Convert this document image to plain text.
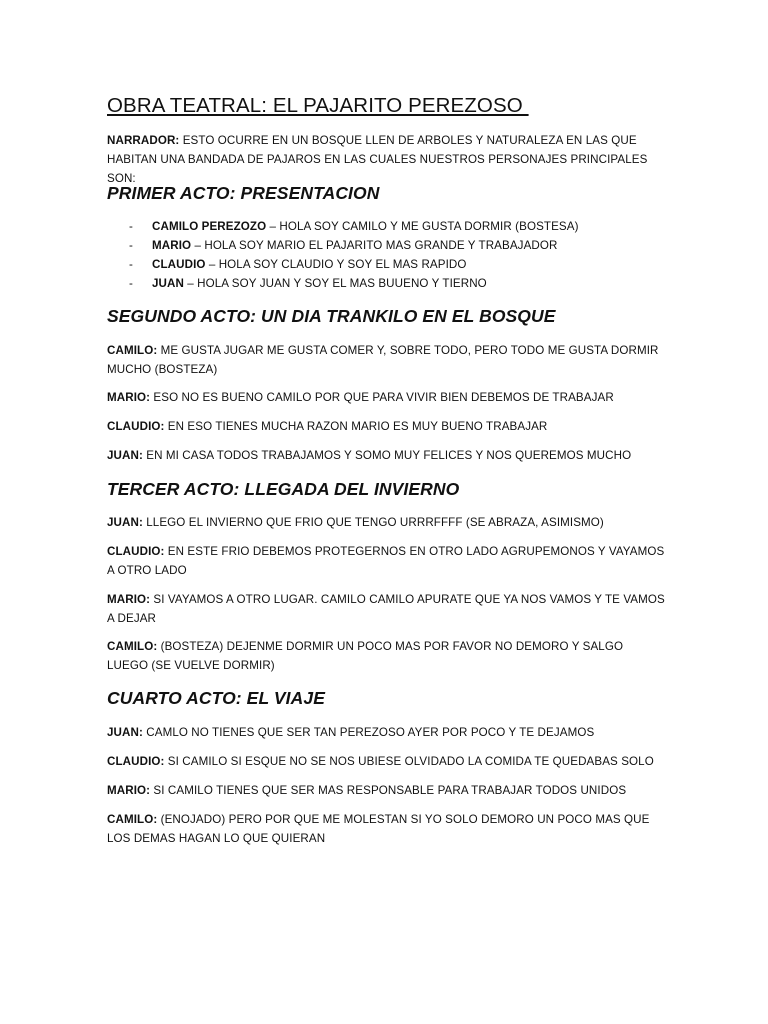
OBRA TEATRAL: EL PAJARITO PEREZOSO
NARRADOR: ESTO OCURRE EN UN BOSQUE LLEN DE ARBOLES Y NATURALEZA EN LAS QUE HABITAN UNA BANDADA DE PAJAROS EN LAS CUALES NUESTROS PERSONAJES PRINCIPALES SON:
PRIMER ACTO: PRESENTACION
-	CAMILO PEREZOZO – HOLA SOY CAMILO Y ME GUSTA DORMIR (BOSTESA)
-	MARIO – HOLA SOY MARIO EL PAJARITO MAS GRANDE Y TRABAJADOR
-	CLAUDIO – HOLA SOY CLAUDIO Y SOY EL MAS RAPIDO
-	JUAN – HOLA SOY JUAN Y SOY EL MAS BUUENO Y TIERNO
SEGUNDO ACTO: UN DIA TRANKILO EN EL BOSQUE
CAMILO: ME GUSTA JUGAR ME GUSTA COMER Y, SOBRE TODO, PERO TODO ME GUSTA DORMIR MUCHO (BOSTEZA)
MARIO: ESO NO ES BUENO CAMILO POR QUE PARA VIVIR BIEN DEBEMOS DE TRABAJAR
CLAUDIO: EN ESO TIENES MUCHA RAZON MARIO ES MUY BUENO TRABAJAR
JUAN: EN MI CASA TODOS TRABAJAMOS Y SOMO MUY FELICES Y NOS QUEREMOS MUCHO
TERCER ACTO: LLEGADA DEL INVIERNO
JUAN: LLEGO EL INVIERNO QUE FRIO QUE TENGO URRRFFFF (SE ABRAZA, ASIMISMO)
CLAUDIO: EN ESTE FRIO DEBEMOS PROTEGERNOS EN OTRO LADO AGRUPEMONOS Y VAYAMOS A OTRO LADO
MARIO: SI VAYAMOS A OTRO LUGAR. CAMILO CAMILO APURATE QUE YA NOS VAMOS Y TE VAMOS A DEJAR
CAMILO: (BOSTEZA) DEJENME DORMIR UN POCO MAS POR FAVOR NO DEMORO Y SALGO LUEGO (SE VUELVE DORMIR)
CUARTO ACTO: EL VIAJE
JUAN: CAMLO NO TIENES QUE SER TAN PEREZOSO AYER POR POCO Y TE DEJAMOS
CLAUDIO: SI CAMILO SI ESQUE NO SE NOS UBIESE OLVIDADO LA COMIDA TE QUEDABAS SOLO
MARIO: SI CAMILO TIENES QUE SER MAS RESPONSABLE PARA TRABAJAR TODOS UNIDOS
CAMILO: (ENOJADO) PERO POR QUE ME MOLESTAN SI YO SOLO DEMORO UN POCO MAS QUE LOS DEMAS HAGAN LO QUE QUIERAN
